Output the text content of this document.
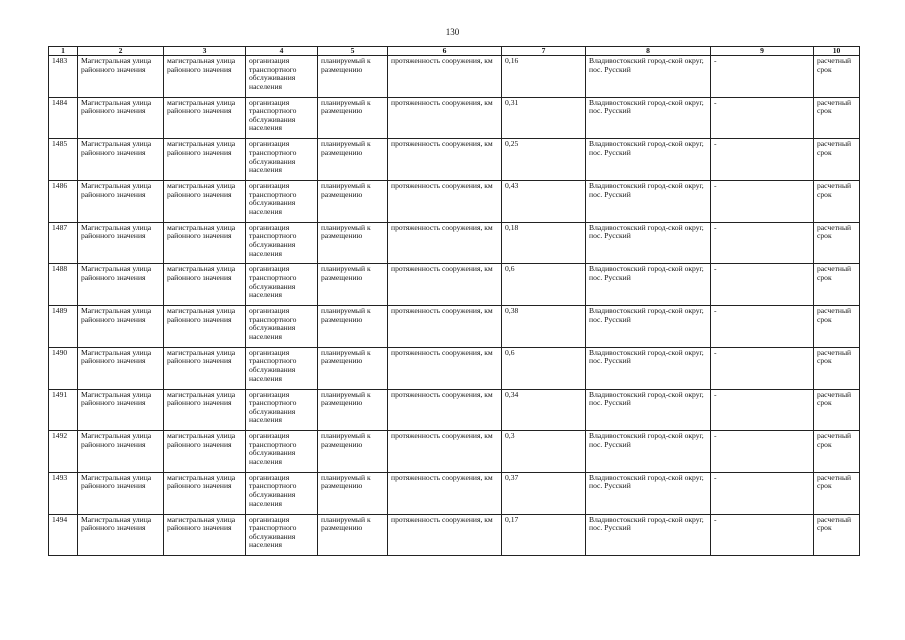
130
1	2	3	4	5	6	7	8	9	10
1483	Магистральная улица районного значения	магистральная улица районного значения	организация транспортного обслуживания населения	планируемый к размещению	протяженность сооружения, км	0,16	Владивостокский город-ской округ, пос. Русский	-	расчетный срок
1484	Магистральная улица районного значения	магистральная улица районного значения	организация транспортного обслуживания населения	планируемый к размещению	протяженность сооружения, км	0,31	Владивостокский город-ской округ, пос. Русский	-	расчетный срок
1485	Магистральная улица районного значения	магистральная улица районного значения	организация транспортного обслуживания населения	планируемый к размещению	протяженность сооружения, км	0,25	Владивостокский город-ской округ, пос. Русский	-	расчетный срок
1486	Магистральная улица районного значения	магистральная улица районного значения	организация транспортного обслуживания населения	планируемый к размещению	протяженность сооружения, км	0,43	Владивостокский город-ской округ, пос. Русский	-	расчетный срок
1487	Магистральная улица районного значения	магистральная улица районного значения	организация транспортного обслуживания населения	планируемый к размещению	протяженность сооружения, км	0,18	Владивостокский город-ской округ, пос. Русский	-	расчетный срок
1488	Магистральная улица районного значения	магистральная улица районного значения	организация транспортного обслуживания населения	планируемый к размещению	протяженность сооружения, км	0,6	Владивостокский город-ской округ, пос. Русский	-	расчетный срок
1489	Магистральная улица районного значения	магистральная улица районного значения	организация транспортного обслуживания населения	планируемый к размещению	протяженность сооружения, км	0,38	Владивостокский город-ской округ, пос. Русский	-	расчетный срок
1490	Магистральная улица районного значения	магистральная улица районного значения	организация транспортного обслуживания населения	планируемый к размещению	протяженность сооружения, км	0,6	Владивостокский город-ской округ, пос. Русский	-	расчетный срок
1491	Магистральная улица районного значения	магистральная улица районного значения	организация транспортного обслуживания населения	планируемый к размещению	протяженность сооружения, км	0,34	Владивостокский город-ской округ, пос. Русский	-	расчетный срок
1492	Магистральная улица районного значения	магистральная улица районного значения	организация транспортного обслуживания населения	планируемый к размещению	протяженность сооружения, км	0,3	Владивостокский город-ской округ, пос. Русский	-	расчетный срок
1493	Магистральная улица районного значения	магистральная улица районного значения	организация транспортного обслуживания населения	планируемый к размещению	протяженность сооружения, км	0,37	Владивостокский город-ской округ, пос. Русский	-	расчетный срок
1494	Магистральная улица районного значения	магистральная улица районного значения	организация транспортного обслуживания населения	планируемый к размещению	протяженность сооружения, км	0,17	Владивостокский город-ской округ, пос. Русский	-	расчетный срок
